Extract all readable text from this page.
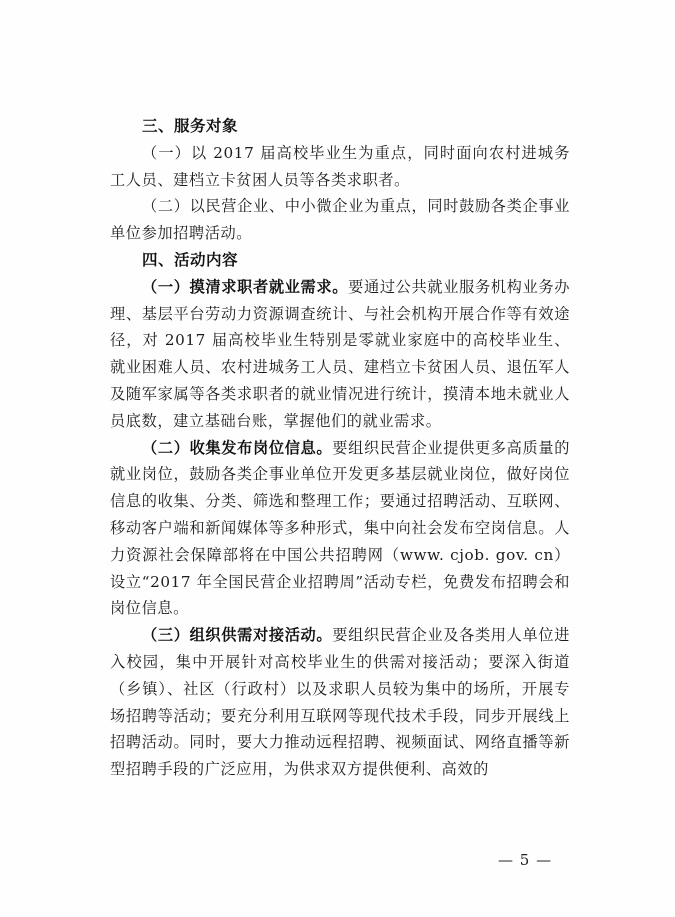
三、服务对象

（一）以 2017 届高校毕业生为重点，同时面向农村进城务工人员、建档立卡贫困人员等各类求职者。

（二）以民营企业、中小微企业为重点，同时鼓励各类企事业单位参加招聘活动。

四、活动内容

（一）摸清求职者就业需求。要通过公共就业服务机构业务办理、基层平台劳动力资源调查统计、与社会机构开展合作等有效途径，对 2017 届高校毕业生特别是零就业家庭中的高校毕业生、就业困难人员、农村进城务工人员、建档立卡贫困人员、退伍军人及随军家属等各类求职者的就业情况进行统计，摸清本地未就业人员底数，建立基础台账，掌握他们的就业需求。

（二）收集发布岗位信息。要组织民营企业提供更多高质量的就业岗位，鼓励各类企事业单位开发更多基层就业岗位，做好岗位信息的收集、分类、筛选和整理工作；要通过招聘活动、互联网、移动客户端和新闻媒体等多种形式，集中向社会发布空岗信息。人力资源社会保障部将在中国公共招聘网（www. cjob. gov. cn）设立“2017 年全国民营企业招聘周”活动专栏，免费发布招聘会和岗位信息。

（三）组织供需对接活动。要组织民营企业及各类用人单位进入校园，集中开展针对高校毕业生的供需对接活动；要深入街道（乡镇）、社区（行政村）以及求职人员较为集中的场所，开展专场招聘等活动；要充分利用互联网等现代技术手段，同步开展线上招聘活动。同时，要大力推动远程招聘、视频面试、网络直播等新型招聘手段的广泛应用，为供求双方提供便利、高效的

— 5 —
